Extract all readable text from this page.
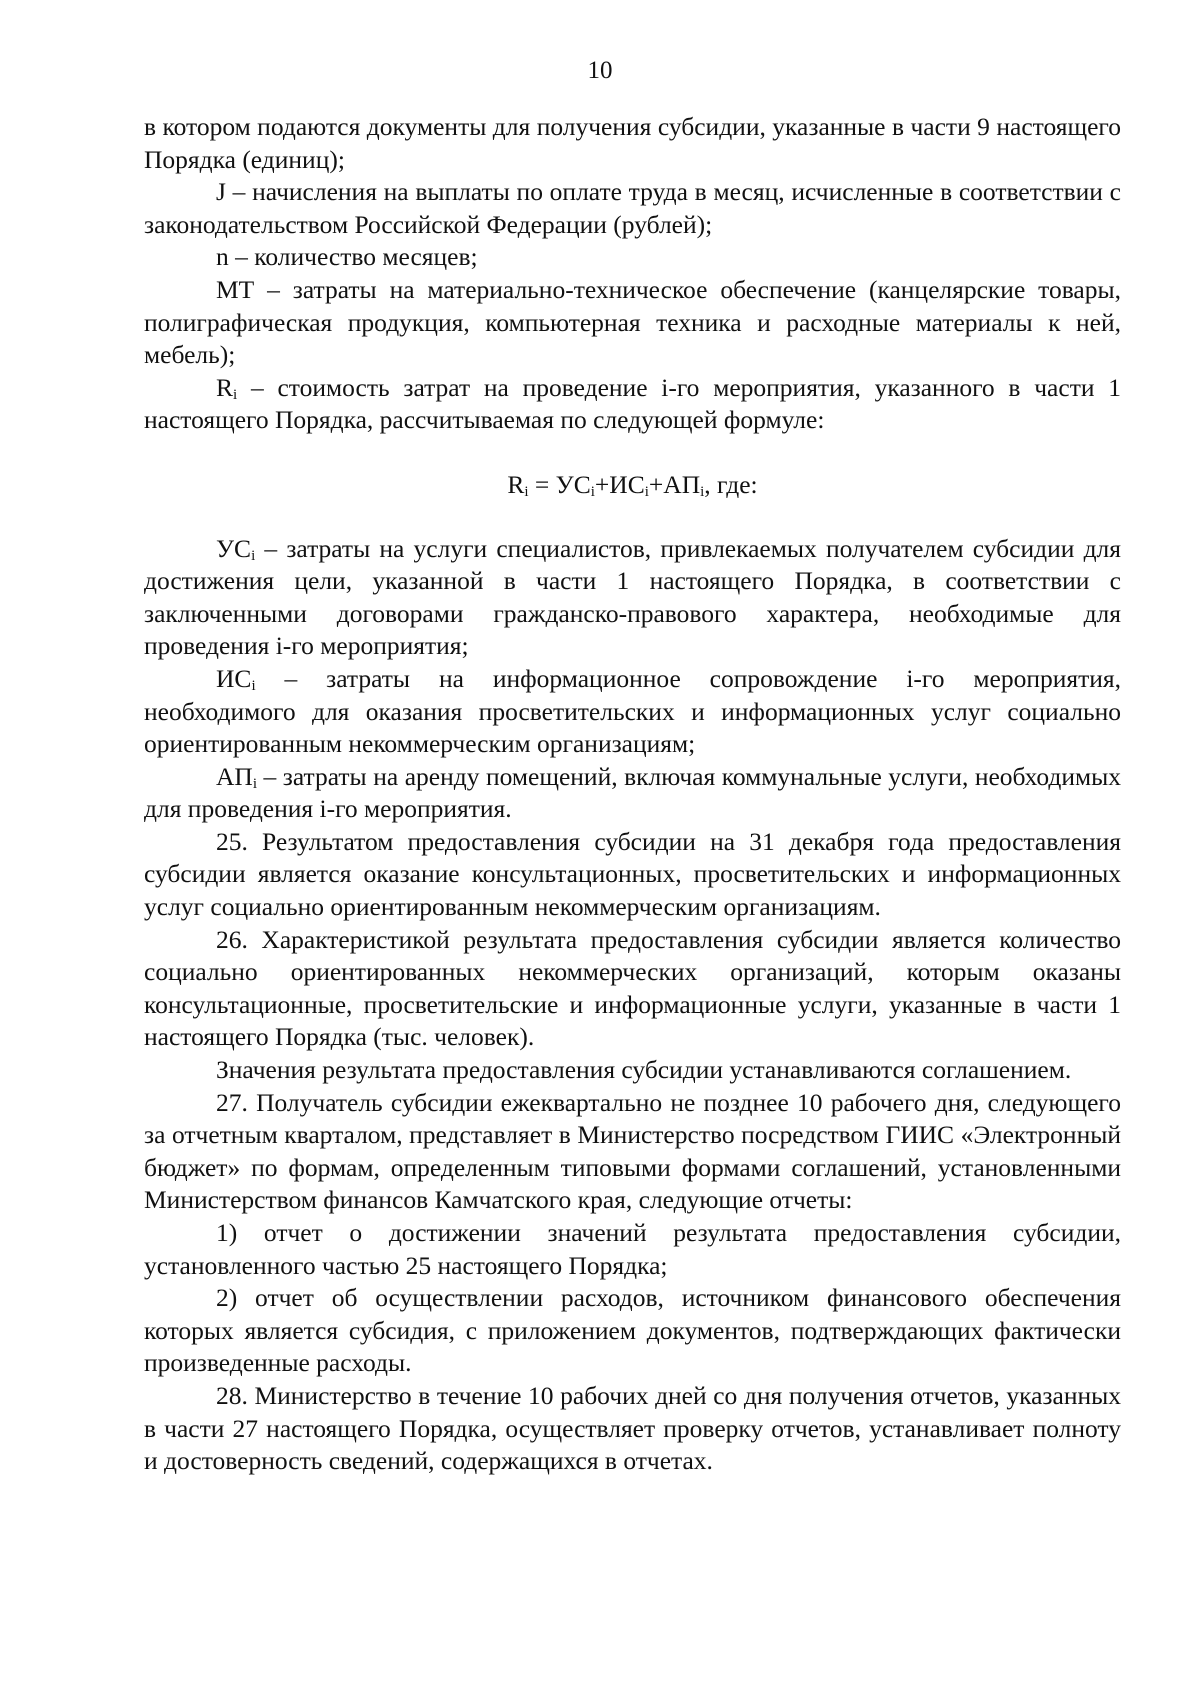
10

в котором подаются документы для получения субсидии, указанные в части 9 настоящего Порядка (единиц);

J – начисления на выплаты по оплате труда в месяц, исчисленные в соответствии с законодательством Российской Федерации (рублей);

n – количество месяцев;

МТ – затраты на материально-техническое обеспечение (канцелярские товары, полиграфическая продукция, компьютерная техника и расходные материалы к ней, мебель);

$R_i$ – стоимость затрат на проведение i-го мероприятия, указанного в части 1 настоящего Порядка, рассчитываемая по следующей формуле:

$R_i = УС_i+ИС_i+АП_i$, где:

$УС_i$ – затраты на услуги специалистов, привлекаемых получателем субсидии для достижения цели, указанной в части 1 настоящего Порядка, в соответствии с заключенными договорами гражданско-правового характера, необходимые для проведения i-го мероприятия;

$ИС_i$ – затраты на информационное сопровождение i-го мероприятия, необходимого для оказания просветительских и информационных услуг социально ориентированным некоммерческим организациям;

$АП_i$ – затраты на аренду помещений, включая коммунальные услуги, необходимых для проведения i-го мероприятия.

25. Результатом предоставления субсидии на 31 декабря года предоставления субсидии является оказание консультационных, просветительских и информационных услуг социально ориентированным некоммерческим организациям.

26. Характеристикой результата предоставления субсидии является количество социально ориентированных некоммерческих организаций, которым оказаны консультационные, просветительские и информационные услуги, указанные в части 1 настоящего Порядка (тыс. человек).

Значения результата предоставления субсидии устанавливаются соглашением.

27. Получатель субсидии ежеквартально не позднее 10 рабочего дня, следующего за отчетным кварталом, представляет в Министерство посредством ГИИС «Электронный бюджет» по формам, определенным типовыми формами соглашений, установленными Министерством финансов Камчатского края, следующие отчеты:

1) отчет о достижении значений результата предоставления субсидии, установленного частью 25 настоящего Порядка;

2) отчет об осуществлении расходов, источником финансового обеспечения которых является субсидия, с приложением документов, подтверждающих фактически произведенные расходы.

28. Министерство в течение 10 рабочих дней со дня получения отчетов, указанных в части 27 настоящего Порядка, осуществляет проверку отчетов, устанавливает полноту и достоверность сведений, содержащихся в отчетах.
